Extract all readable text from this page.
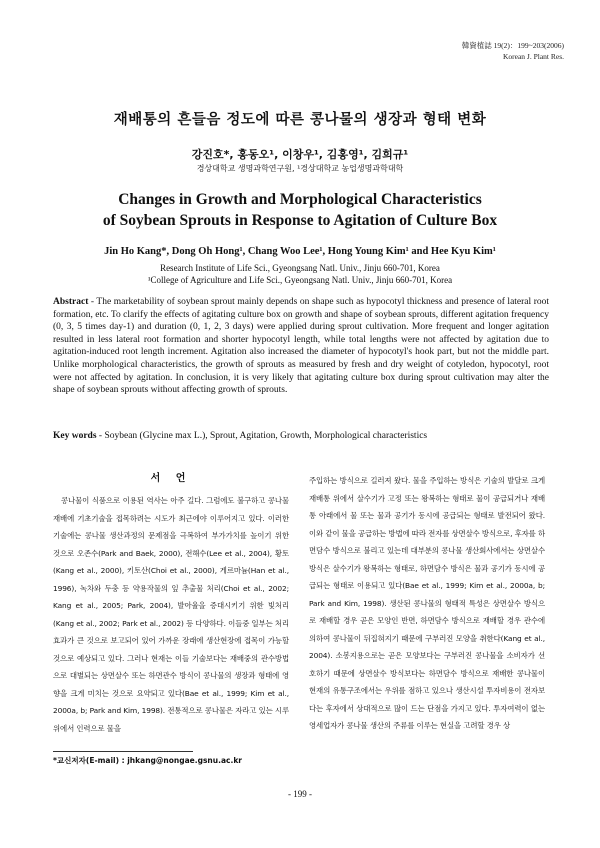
韓資植誌 19(2)：199~203(2006)
Korean J. Plant Res.
재배통의 흔들음 정도에 따른 콩나물의 생장과 형태 변화
강진호*, 홍동오¹, 이창우¹, 김홍영¹, 김희규¹
경상대학교 생명과학연구원, ¹경상대학교 농업생명과학대학
Changes in Growth and Morphological Characteristics
of Soybean Sprouts in Response to Agitation of Culture Box
Jin Ho Kang*, Dong Oh Hong¹, Chang Woo Lee¹, Hong Young Kim¹ and Hee Kyu Kim¹
Research Institute of Life Sci., Gyeongsang Natl. Univ., Jinju 660-701, Korea
¹College of Agriculture and Life Sci., Gyeongsang Natl. Univ., Jinju 660-701, Korea
Abstract - The marketability of soybean sprout mainly depends on shape such as hypocotyl thickness and presence of lateral root formation, etc. To clarify the effects of agitating culture box on growth and shape of soybean sprouts, different agitation frequency (0, 3, 5 times day-1) and duration (0, 1, 2, 3 days) were applied during sprout cultivation. More frequent and longer agitation resulted in less lateral root formation and shorter hypocotyl length, while total lengths were not affected by agitation due to agitation-induced root length increment. Agitation also increased the diameter of hypocotyl's hook part, but not the middle part. Unlike morphological characteristics, the growth of sprouts as measured by fresh and dry weight of cotyledon, hypocotyl, root were not affected by agitation. In conclusion, it is very likely that agitating culture box during sprout cultivation may alter the shape of soybean sprouts without affecting growth of sprouts.
Key words - Soybean (Glycine max L.), Sprout, Agitation, Growth, Morphological characteristics
서 언

콩나물이 식품으로 이용된 역사는 아주 길다. 그럼에도 불구하고 콩나물 재배에 기초기술을 접목하려는 시도가 최근에야 이루어지고 있다. 이러한 기술에는 콩나물 생산과정의 문제점을 극복하여 부가가치를 높이기 위한 것으로 오존수(Park and Baek, 2000), 전해수(Lee et al., 2004), 황토(Kang et al., 2000), 키토산(Choi et al., 2000), 게르마늄(Han et al., 1996), 녹차와 두충 등 약용작물의 잎 추출물 처리(Choi et al., 2002; Kang et al., 2005; Park, 2004), 발아율을 증대시키기 위한 빛처리(Kang et al., 2002; Park et al., 2002) 등 다양하다. 이들중 일부는 처리효과가 큰 것으로 보고되어 있어 가까운 장래에 생산현장에 접목이 가능할 것으로 예상되고 있다. 그러나 현재는 이들 기술보다는 재배중의 관수방법으로 대별되는 상면살수 또는 하면관수 방식이 콩나물의 생장과 형태에 영향을 크게 미치는 것으로 요약되고 있다(Bae et al., 1999; Kim et al., 2000a, b; Park and Kim, 1998). 전통적으로 콩나물은 자라고 있는 시루 위에서 인력으로 물을

주입하는 방식으로 길러져 왔다. 물을 주입하는 방식은 기술의 발달로 크게 재배통 위에서 살수기가 고정 또는 왕복하는 형태로 물이 공급되거나 재배통 아래에서 물 또는 물과 공기가 동시에 공급되는 형태로 발전되어 왔다. 이와 같이 물을 공급하는 방법에 따라 전자를 상면살수 방식으로, 후자를 하면담수 방식으로 불리고 있는데 대부분의 콩나물 생산회사에서는 상면살수 방식은 살수기가 왕복하는 형태로, 하면담수 방식은 물과 공기가 동시에 공급되는 형태로 이용되고 있다(Bae et al., 1999; Kim et al., 2000a, b; Park and Kim, 1998). 생산된 콩나물의 형태적 특성은 상면살수 방식으로 재배할 경우 곧은 모양인 반면, 하면담수 방식으로 재배할 경우 관수에 의하여 콩나물이 뒤집혀지기 때문에 구부러진 모양을 취한다(Kang et al., 2004). 소봉지용으로는 곧은 모양보다는 구부러진 콩나물을 소비자가 선호하기 때문에 상면살수 방식보다는 하면담수 방식으로 재배한 콩나물이 현재의 유통구조에서는 우위를 점하고 있으나 생산시설 투자비용이 전자보다는 후자에서 상대적으로 많이 드는 단점을 가지고 있다. 투자여력이 없는 영세업자가 콩나물 생산의 주류를 이루는 현실을 고려할 경우 상

*교신저자(E-mail) : jhkang@nongae.gsnu.ac.kr
- 199 -
